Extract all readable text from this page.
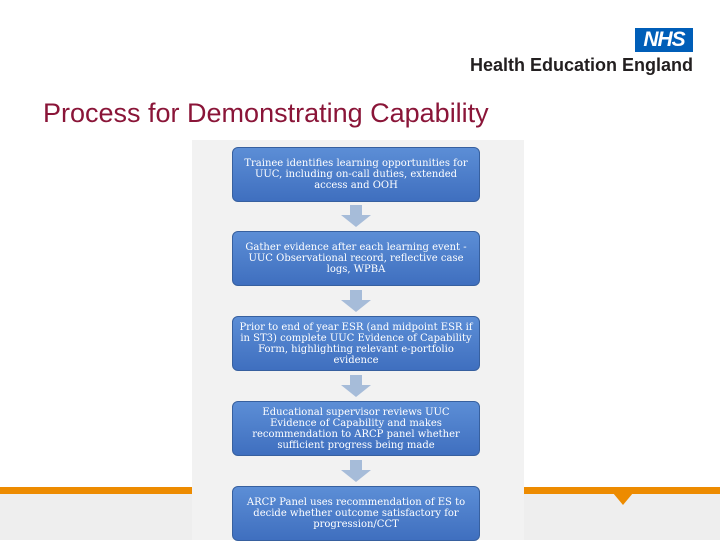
NHS
Health Education England
Process for Demonstrating Capability
Trainee identifies learning opportunities for UUC, including on-call duties, extended access and OOH
Gather evidence after each learning event - UUC Observational record, reflective case logs, WPBA
Prior to end of year ESR (and midpoint ESR if in ST3) complete UUC Evidence of Capability Form, highlighting relevant e-portfolio evidence
Educational supervisor reviews UUC Evidence of Capability and makes recommendation to ARCP panel whether sufficient progress being made
ARCP Panel uses recommendation of ES to decide whether outcome satisfactory for progression/CCT
